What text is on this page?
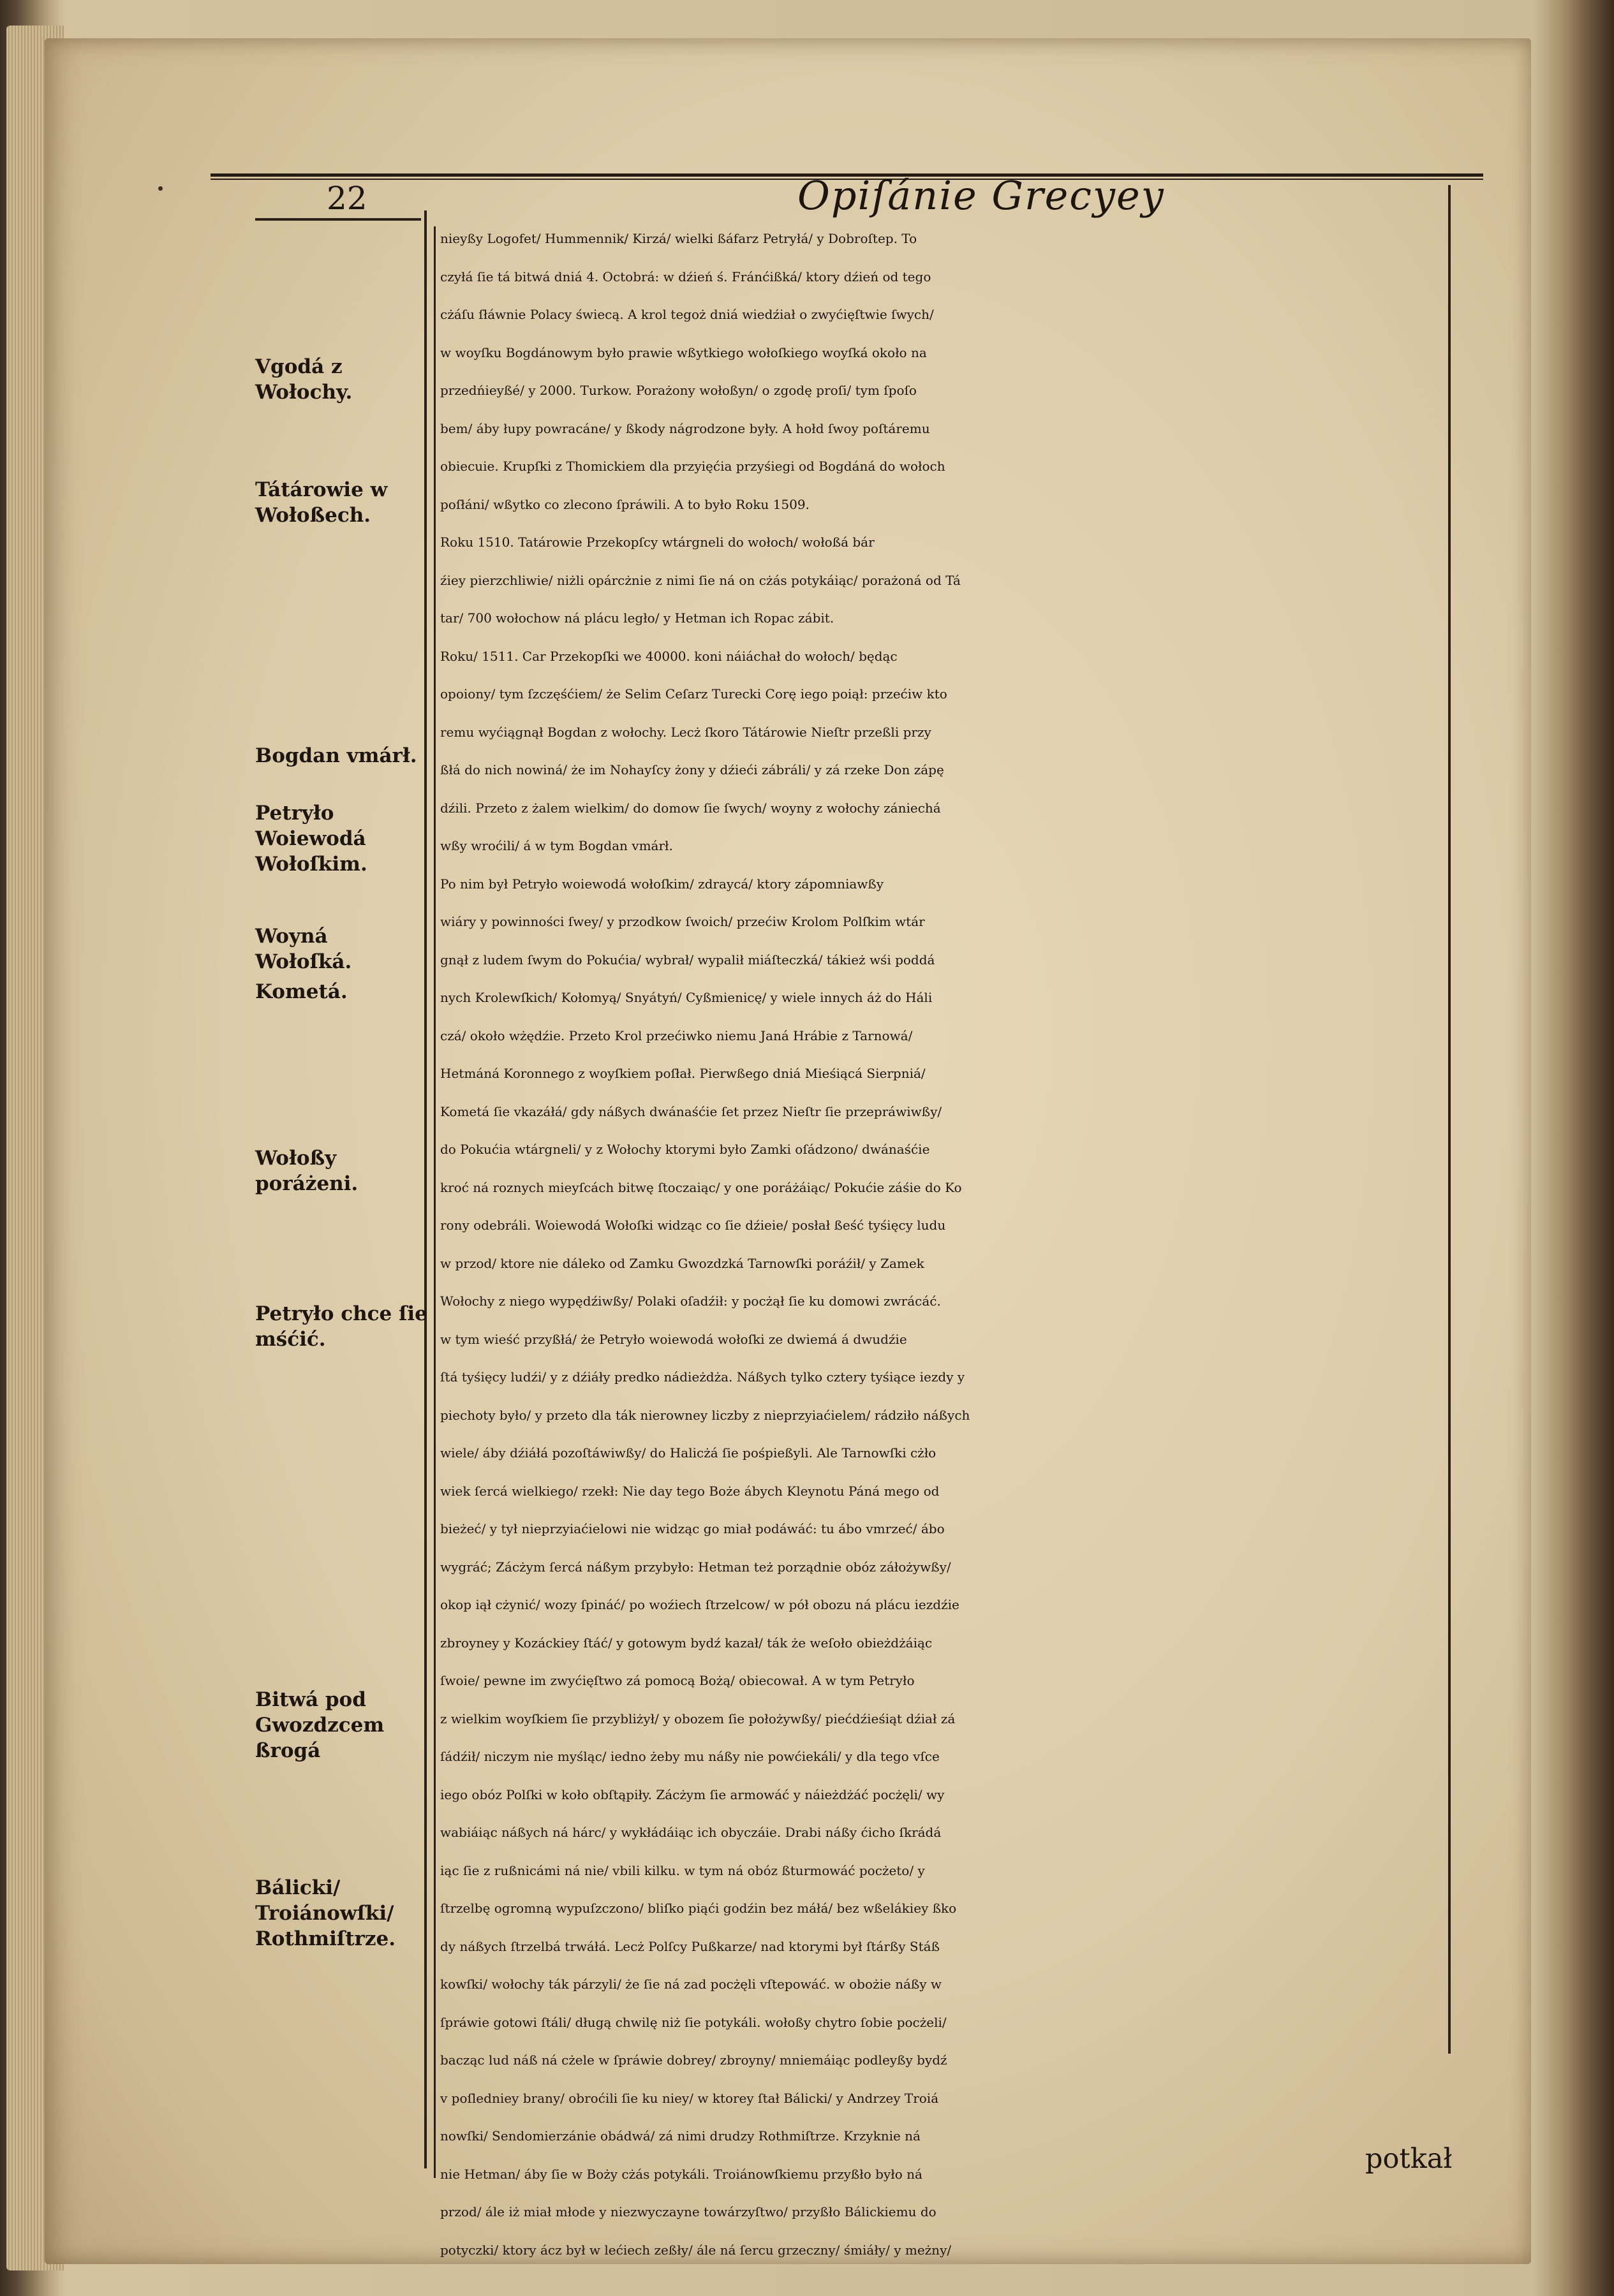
22	Opiſánie Grecyey
Vgodá z Wołochy.
Tátárowie w Wołoßech.
Bogdan vmárł.
Petryło Woiewodá Wołoſkim.
Woyná Wołoſká.
Kometá.
Wołoßy poráżeni.
Petryło chce ſie mśćić.
Bitwá pod Gwozdzcem ßrogá
Bálicki/ Troiánowſki/ Rothmiſtrze.
nieyßy Logofet/ Hummennik/ Kirzá/ wielki ßáfarz Petryłá/ y Dobroſtep. To
czyłá ſie tá bitwá dniá 4. Octobrá: w dźień ś. Fránćißká/ ktory dźień od tego
cżáſu ſłáwnie Polacy świecą. A krol tegoż dniá wiedźiał o zwyćięſtwie ſwych/
w woyſku Bogdánowym było prawie wßytkiego wołoſkiego woyſká około na
przedńieyßé/ y 2000. Turkow. Porażony wołoßyn/ o zgodę proſi/ tym ſpoſo
bem/ áby łupy powracáne/ y ßkody nágrodzone były. A hołd ſwoy poſtáremu
obiecuie. Krupſki z Thomickiem dla przyięćia przyśiegi od Bogdáná do wołoch
poſłáni/ wßytko co zlecono ſpráwili. A to było Roku 1509.
Roku 1510. Tatárowie Przekopſcy wtárgneli do wołoch/ wołoßá bár
źiey pierzchliwie/ niżli opárcżnie z nimi ſie ná on cżás potykáiąc/ porażoná od Tá
tar/ 700 wołochow ná plácu legło/ y Hetman ich Ropac zábit.
Roku/ 1511. Car Przekopſki we 40000. koni náiáchał do wołoch/ będąc
opoiony/ tym ſzczęśćiem/ że Selim Ceſarz Turecki Corę iego poiął: przećiw kto
remu wyćiągnął Bogdan z wołochy. Lecż ſkoro Tátárowie Nieſtr przeßli przy
ßłá do nich nowiná/ że im Nohayſcy żony y dźieći zábráli/ y zá rzeke Don zápę
dźili. Przeto z żalem wielkim/ do domow ſie ſwych/ woyny z wołochy zániechá
wßy wroćili/ á w tym Bogdan vmárł.
Po nim był Petryło woiewodá wołoſkim/ zdraycá/ ktory zápomniawßy
wiáry y powinności ſwey/ y przodkow ſwoich/ przećiw Krolom Polſkim wtár
gnął z ludem ſwym do Pokućia/ wybrał/ wypalił miáſteczká/ tákież wśi poddá
nych Krolewſkich/ Kołomyą/ Snyátyń/ Cyßmienicę/ y wiele innych áż do Háli
czá/ około wżędźie. Przeto Krol przećiwko niemu Janá Hrábie z Tarnowá/
Hetmáná Koronnego z woyſkiem poſłał. Pierwßego dniá Mieśiącá Sierpniá/
Kometá ſie vkazáłá/ gdy náßych dwánaśćie ſet przez Nieſtr ſie przepráwiwßy/
do Pokućia wtárgneli/ y z Wołochy ktorymi było Zamki oſádzono/ dwánaśćie
kroć ná roznych mieyſcách bitwę ſtoczaiąc/ y one poráżáiąc/ Pokućie záśie do Ko
rony odebráli. Woiewodá Wołoſki widząc co ſie dźieie/ posłał ßeść tyśięcy ludu
w przod/ ktore nie dáleko od Zamku Gwozdzká Tarnowſki poráźił/ y Zamek
Wołochy z niego wypędźiwßy/ Polaki oſadźił: y pocżął ſie ku domowi zwrácáć.
w tym wieść przyßłá/ że Petryło woiewodá wołoſki ze dwiemá á dwudźie
ſtá tyśięcy ludźi/ y z dźiáły predko nádieżdża. Náßych tylko cztery tyśiące iezdy y
piechoty było/ y przeto dla ták nierowney liczby z nieprzyiaćielem/ rádziło náßych
wiele/ áby dźiáłá pozoſtáwiwßy/ do Halicżá ſie pośpießyli. Ale Tarnowſki cżło
wiek ſercá wielkiego/ rzekł: Nie day tego Boże ábych Kleynotu Páná mego od
bieżeć/ y tył nieprzyiaćielowi nie widząc go miał podáwáć: tu ábo vmrzeć/ ábo
wygráć; Zácżym ſercá náßym przybyło: Hetman też porządnie obóz záłożywßy/
okop iął cżynić/ wozy ſpináć/ po woźiech ſtrzelcow/ w pół obozu ná plácu iezdźie
zbroyney y Kozáckiey ſtáć/ y gotowym bydź kazał/ ták że weſoło obieżdżáiąc
ſwoie/ pewne im zwyćięſtwo zá pomocą Bożą/ obiecował. A w tym Petryło
z wielkim woyſkiem ſie przybliżył/ y obozem ſie położywßy/ piećdźieśiąt dźiał zá
ſádźił/ niczym nie myśląc/ iedno żeby mu náßy nie powćiekáli/ y dla tego vſce
iego obóz Polſki w koło obſtąpiły. Zácżym ſie armowáć y náieżdżáć pocżęli/ wy
wabiáiąc náßych ná hárc/ y wykłádáiąc ich obyczáie. Drabi náßy ćicho ſkrádá
iąc ſie z rußnicámi ná nie/ vbili kilku. w tym ná obóz ßturmowáć pocżeto/ y
ſtrzelbę ogromną wypuſzczono/ bliſko piąći godźin bez máłá/ bez wßelákiey ßko
dy náßych ſtrzelbá trwáłá. Lecż Polſcy Pußkarze/ nad ktorymi był ſtárßy Stáß
kowſki/ wołochy ták párzyli/ że ſie ná zad pocżęli vſtepowáć. w obożie náßy w
ſpráwie gotowi ſtáli/ długą chwilę niż ſie potykáli. wołoßy chytro ſobie pocżeli/
bacząc lud náß ná cżele w ſpráwie dobrey/ zbroyny/ mniemáiąc podleyßy bydź
v poſledniey brany/ obroćili ſie ku niey/ w ktorey ſtał Bálicki/ y Andrzey Troiá
nowſki/ Sendomierzánie obádwá/ zá nimi drudzy Rothmiſtrze. Krzyknie ná
nie Hetman/ áby ſie w Boży cżás potykáli. Troiánowſkiemu przyßło było ná
przod/ ále iż miał młode y niezwyczayne towárzyſtwo/ przyßło Bálickiemu do
potyczki/ ktory ácz był w lećiech zeßły/ ále ná ſercu grzeczny/ śmiáły/ y meżny/
potkał
